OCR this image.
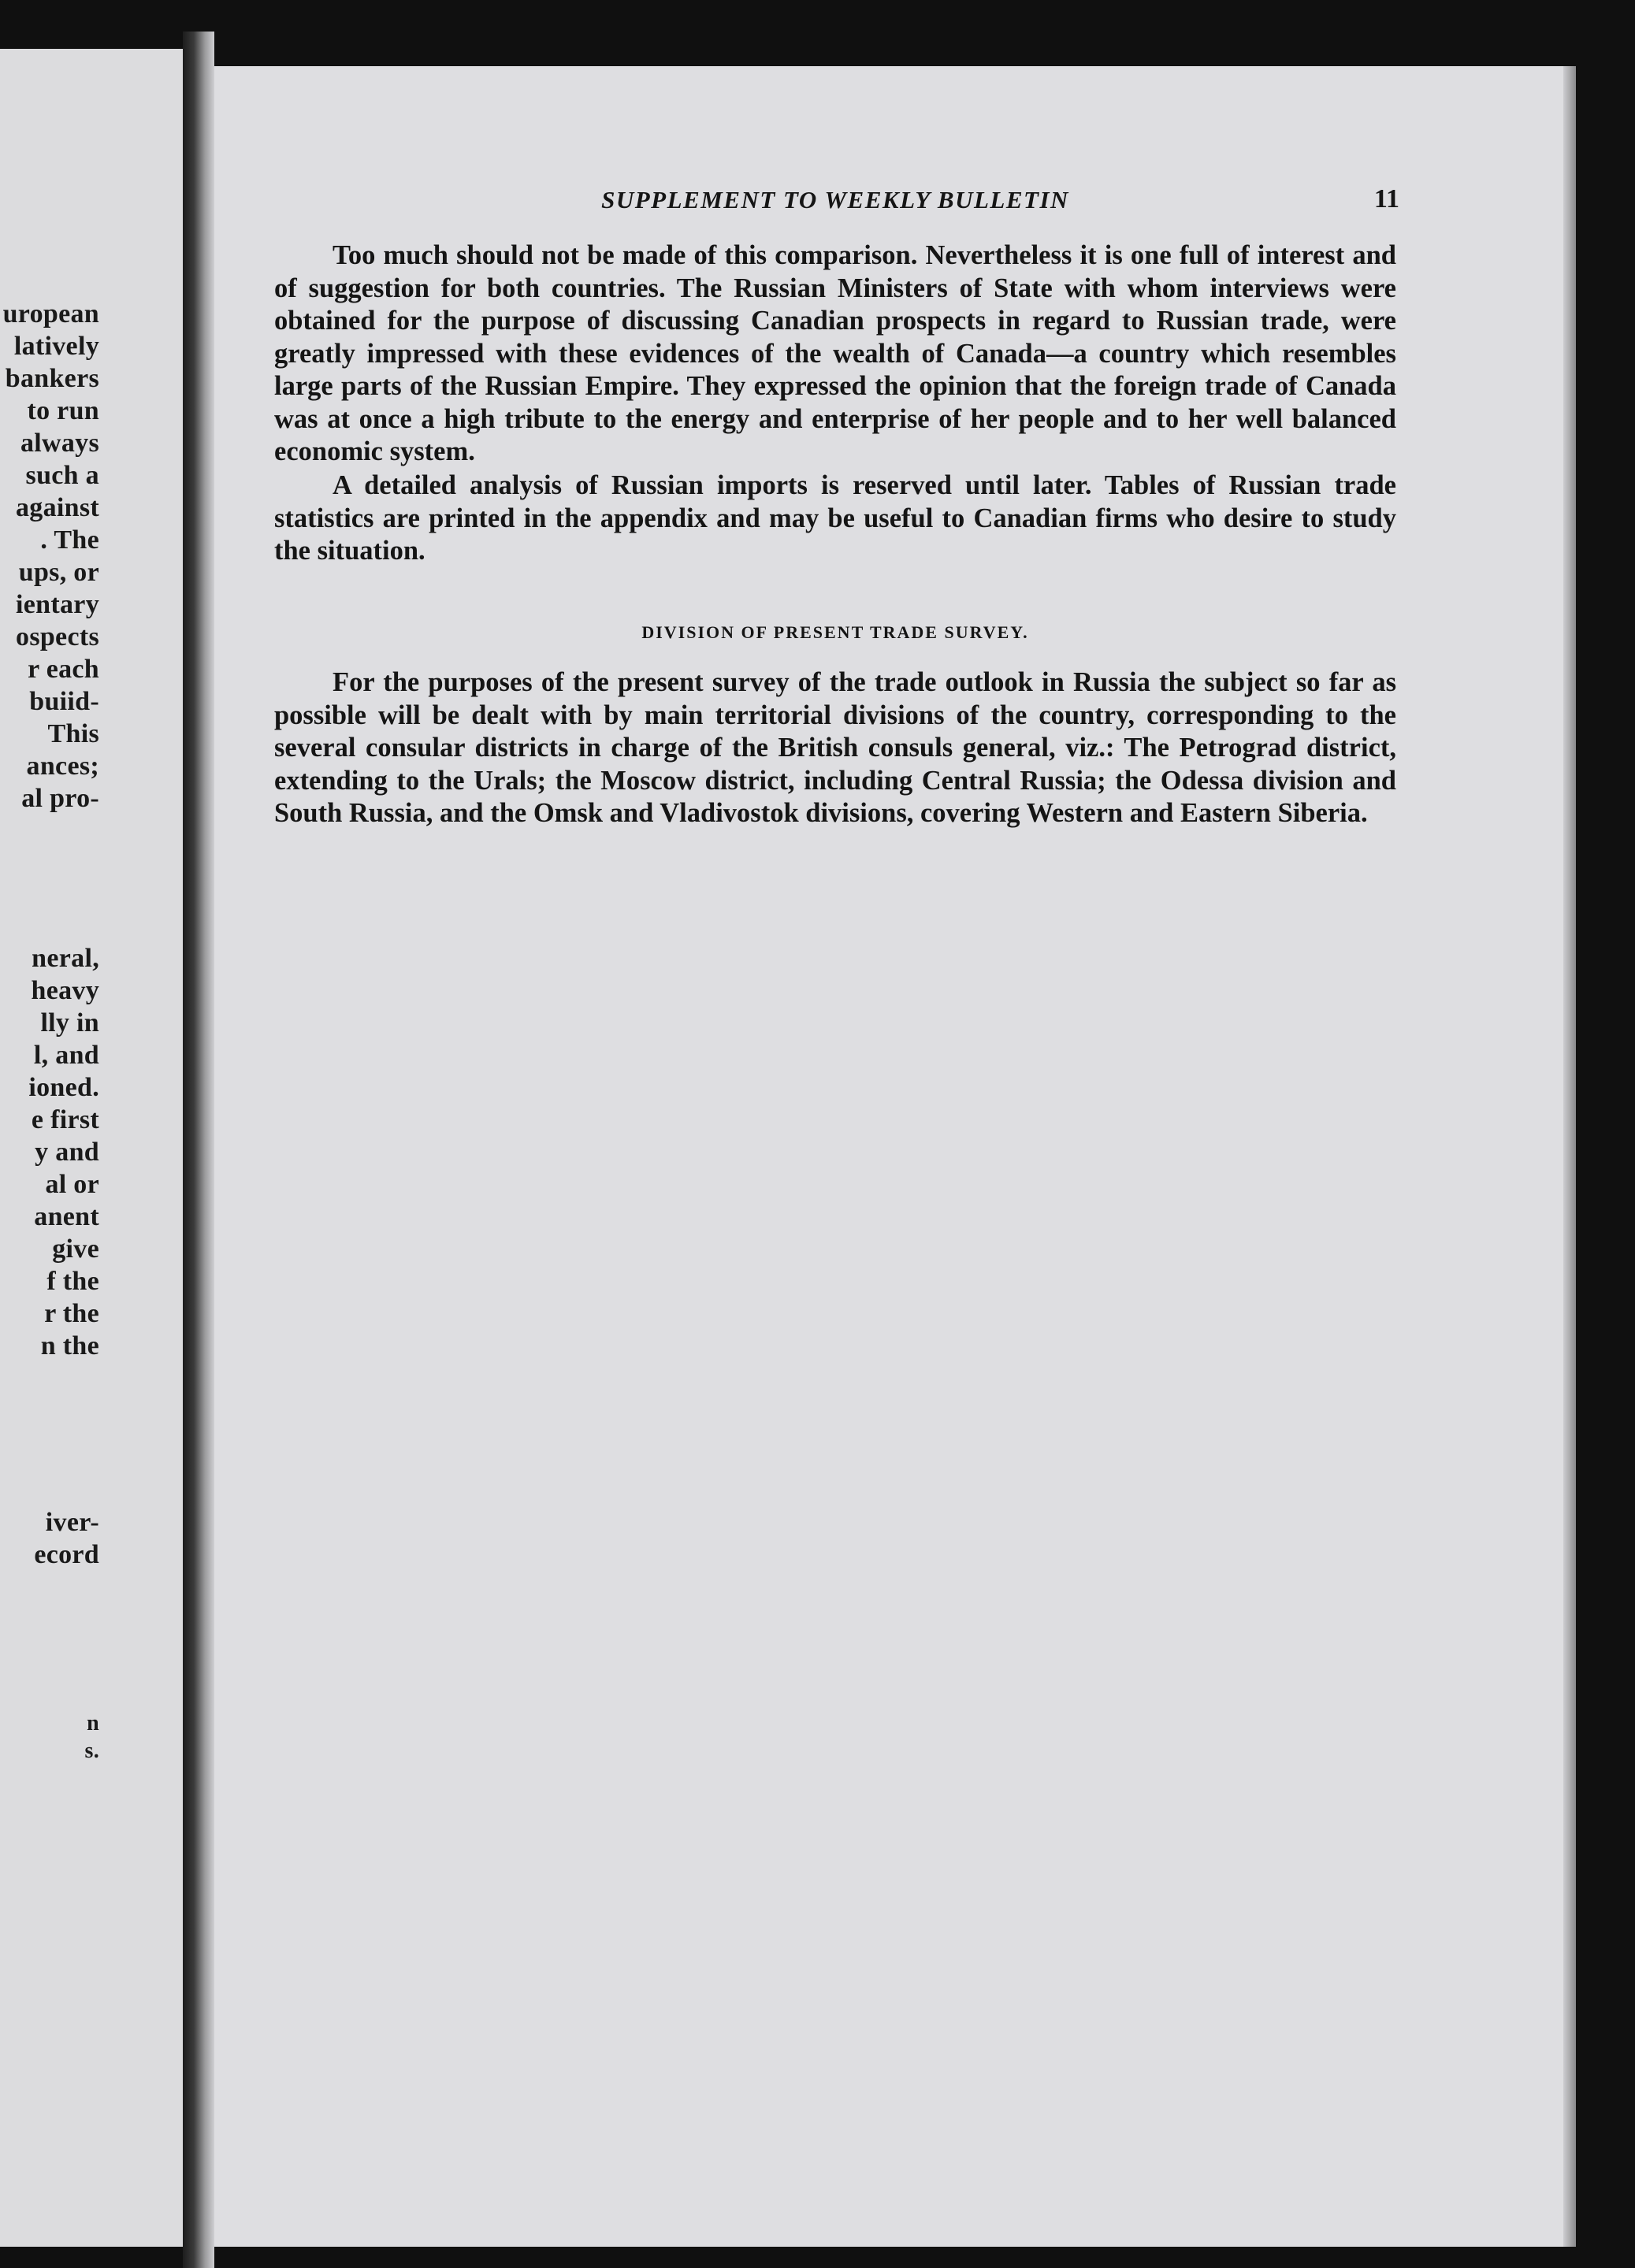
uropean
latively
bankers
to run
always
such a
against
. The
ups, or
ientary
ospects
r each
buiid-
This
ances;
al pro-
neral,
heavy
lly in
l, and
ioned.
e first
y and
al or
anent
give
f the
r the
n the
iver-
ecord
n
s.
SUPPLEMENT TO WEEKLY BULLETIN	11

Too much should not be made of this comparison. Nevertheless it is one full of interest and of suggestion for both countries. The Russian Ministers of State with whom interviews were obtained for the purpose of discussing Canadian prospects in regard to Russian trade, were greatly impressed with these evidences of the wealth of Canada—a country which resembles large parts of the Russian Empire. They expressed the opinion that the foreign trade of Canada was at once a high tribute to the energy and enterprise of her people and to her well balanced economic system.

A detailed analysis of Russian imports is reserved until later. Tables of Russian trade statistics are printed in the appendix and may be useful to Canadian firms who desire to study the situation.

DIVISION OF PRESENT TRADE SURVEY.

For the purposes of the present survey of the trade outlook in Russia the subject so far as possible will be dealt with by main territorial divisions of the country, corresponding to the several consular districts in charge of the British consuls general, viz.: The Petrograd district, extending to the Urals; the Moscow district, including Central Russia; the Odessa division and South Russia, and the Omsk and Vladivostok divisions, covering Western and Eastern Siberia.
